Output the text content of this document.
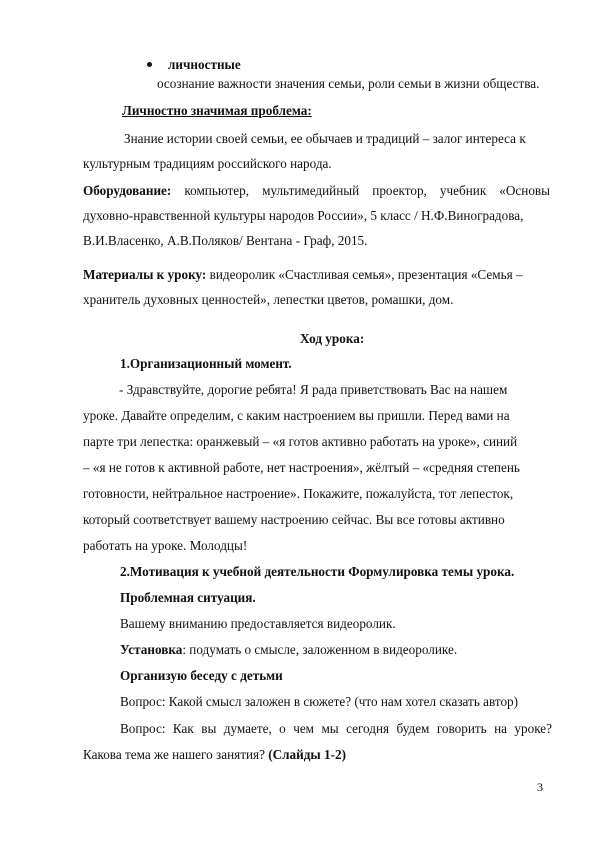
личностные
осознание важности значения семьи, роли семьи в жизни общества.
Личностно значимая проблема:
Знание истории своей семьи, ее обычаев и традиций – залог интереса к
культурным традициям российского народа.
Оборудование: компьютер, мультимедийный проектор, учебник «Основы
духовно-нравственной культуры народов России», 5 класс / Н.Ф.Виноградова,
В.И.Власенко, А.В.Поляков/ Вентана - Граф, 2015.
Материалы к уроку: видеоролик «Счастливая семья», презентация «Семья –
хранитель духовных ценностей», лепестки цветов, ромашки, дом.
Ход урока:
1.Организационный момент.
- Здравствуйте, дорогие ребята! Я рада приветствовать Вас на нашем
уроке. Давайте определим, с каким настроением вы пришли. Перед вами на
парте три лепестка: оранжевый – «я готов активно работать на уроке», синий
– «я не готов к активной работе, нет настроения», жёлтый – «средняя степень
готовности, нейтральное настроение». Покажите, пожалуйста, тот лепесток,
который соответствует вашему настроению сейчас. Вы все готовы активно
работать на уроке. Молодцы!
2.Мотивация к учебной деятельности Формулировка темы урока.
Проблемная ситуация.
Вашему вниманию предоставляется видеоролик.
Установка: подумать о смысле, заложенном в видеоролике.
Организую беседу с детьми
Вопрос: Какой смысл заложен в сюжете? (что нам хотел сказать автор)
Вопрос: Как вы думаете, о чем мы сегодня будем говорить на уроке?
Какова тема же нашего занятия? (Слайды 1-2)
3
